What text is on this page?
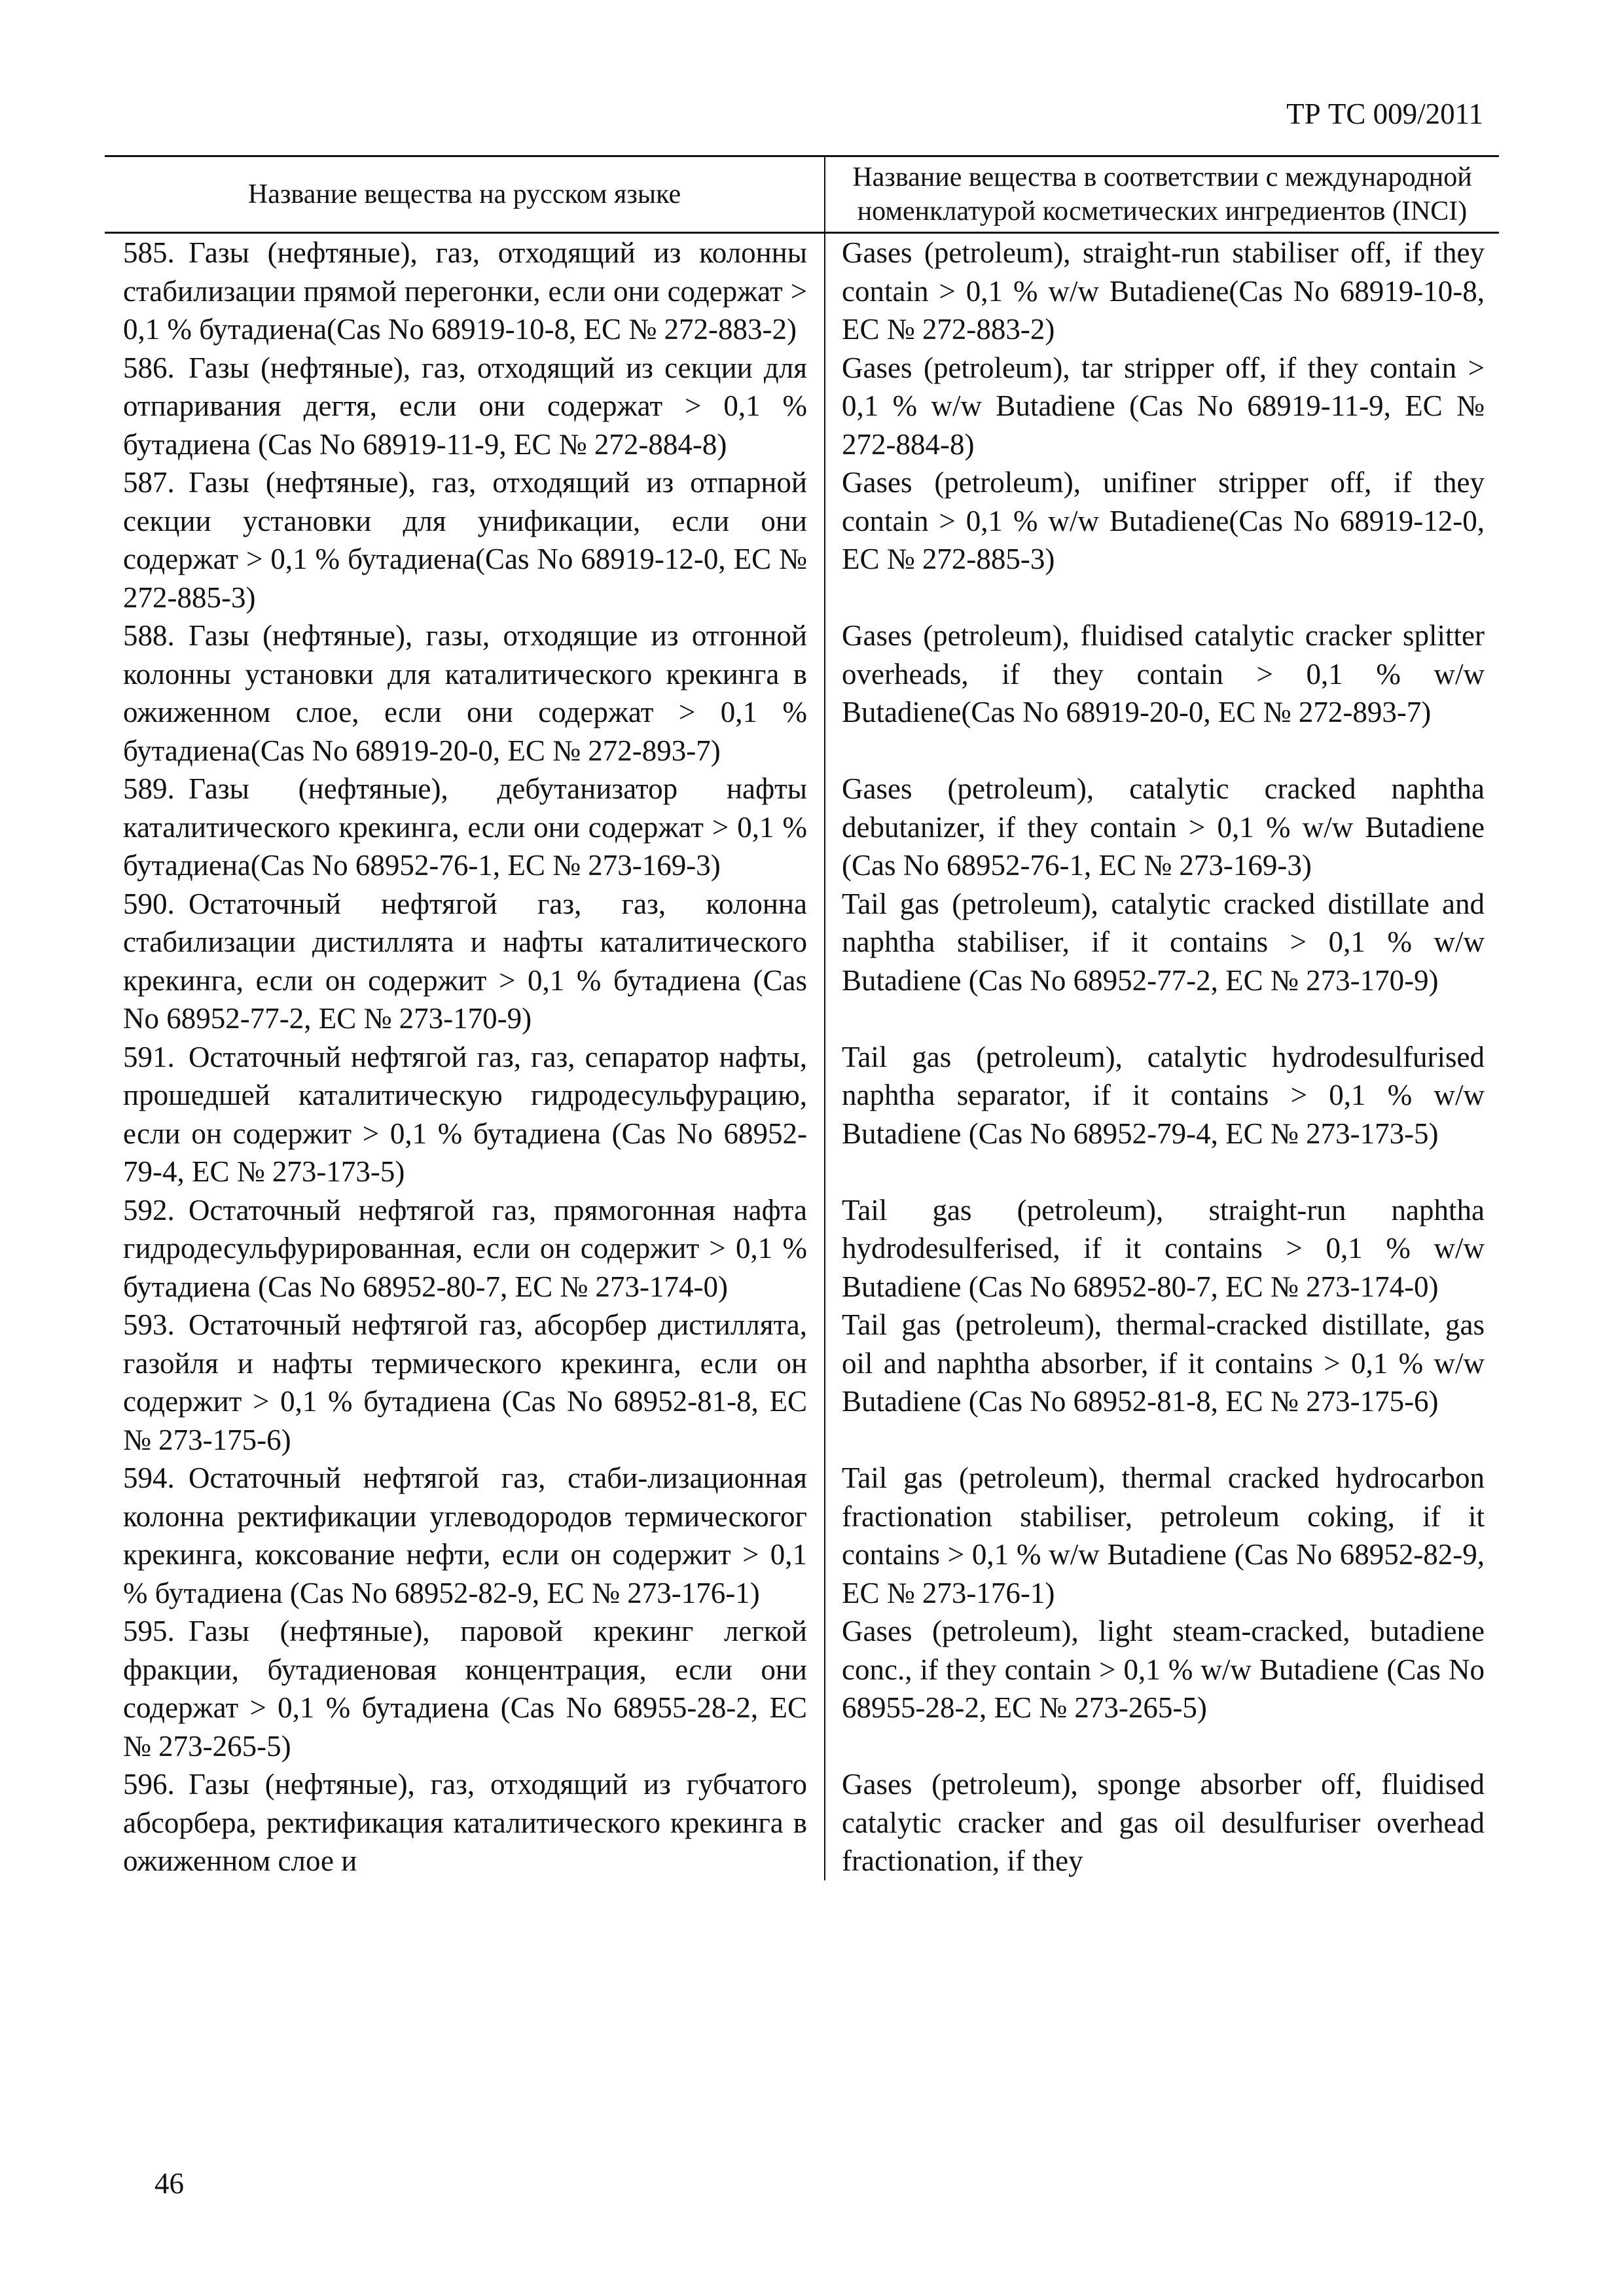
ТР ТС 009/2011
Название вещества на русском языке	Название вещества в соответствии с международной номенклатурой косметических ингредиентов (INCI)
585. Газы (нефтяные), газ, отходящий из колонны стабилизации прямой перегонки, если они содержат > 0,1 % бутадиена(Cas No 68919-10-8, ЕС № 272-883-2)	Gases (petroleum), straight-run stabiliser off, if they contain > 0,1 % w/w Butadiene(Cas No 68919-10-8, ЕС № 272-883-2)
586. Газы (нефтяные), газ, отходящий из секции для отпаривания дегтя, если они содержат > 0,1 % бутадиена (Cas No 68919-11-9, ЕС № 272-884-8)	Gases (petroleum), tar stripper off, if they contain > 0,1 % w/w Butadiene (Cas No 68919-11-9, ЕС № 272-884-8)
587. Газы (нефтяные), газ, отходящий из отпарной секции установки для унификации, если они содержат > 0,1 % бутадиена(Cas No 68919-12-0, ЕС № 272-885-3)	Gases (petroleum), unifiner stripper off, if they contain > 0,1 % w/w Butadiene(Cas No 68919-12-0, ЕС № 272-885-3)
588. Газы (нефтяные), газы, отходящие из отгонной колонны установки для каталитического крекинга в ожиженном слое, если они содержат > 0,1 % бутадиена(Cas No 68919-20-0, ЕС № 272-893-7)	Gases (petroleum), fluidised catalytic cracker splitter overheads, if they contain > 0,1 % w/w Butadiene(Cas No 68919-20-0, ЕС № 272-893-7)
589. Газы (нефтяные), дебутанизатор нафты каталитического крекинга, если они содержат > 0,1 % бутадиена(Cas No 68952-76-1, ЕС № 273-169-3)	Gases (petroleum), catalytic cracked naphtha debutanizer, if they contain > 0,1 % w/w Butadiene (Cas No 68952-76-1, ЕС № 273-169-3)
590. Остаточный нефтягой газ, газ, колонна стабилизации дистиллята и нафты каталитического крекинга, если он содержит > 0,1 % бутадиена (Cas No 68952-77-2, ЕС № 273-170-9)	Tail gas (petroleum), catalytic cracked distillate and naphtha stabiliser, if it contains > 0,1 % w/w Butadiene (Cas No 68952-77-2, ЕС № 273-170-9)
591. Остаточный нефтягой газ, газ, сепаратор нафты, прошедшей каталитическую гидродесульфурацию, если он содержит > 0,1 % бутадиена (Cas No 68952-79-4, ЕС № 273-173-5)	Tail gas (petroleum), catalytic hydrodesulfurised naphtha separator, if it contains > 0,1 % w/w Butadiene (Cas No 68952-79-4, ЕС № 273-173-5)
592. Остаточный нефтягой газ, прямогонная нафта гидродесульфурированная, если он содержит > 0,1 % бутадиена (Cas No 68952-80-7, ЕС № 273-174-0)	Tail gas (petroleum), straight-run naphtha hydrodesulferised, if it contains > 0,1 % w/w Butadiene (Cas No 68952-80-7, ЕС № 273-174-0)
593. Остаточный нефтягой газ, абсорбер дистиллята, газойля и нафты термического крекинга, если он содержит > 0,1 % бутадиена (Cas No 68952-81-8, ЕС № 273-175-6)	Tail gas (petroleum), thermal-cracked distillate, gas oil and naphtha absorber, if it contains > 0,1 % w/w Butadiene (Cas No 68952-81-8, ЕС № 273-175-6)
594. Остаточный нефтягой газ, стаби-лизационная колонна ректификации углеводородов термическогог крекинга, коксование нефти, если он содержит > 0,1 % бутадиена (Cas No 68952-82-9, ЕС № 273-176-1)	Tail gas (petroleum), thermal cracked hydrocarbon fractionation stabiliser, petroleum coking, if it contains > 0,1 % w/w Butadiene (Cas No 68952-82-9, ЕС № 273-176-1)
595. Газы (нефтяные), паровой крекинг легкой фракции, бутадиеновая концентрация, если они содержат > 0,1 % бутадиена (Cas No 68955-28-2, ЕС № 273-265-5)	Gases (petroleum), light steam-cracked, butadiene conc., if they contain > 0,1 % w/w Butadiene (Cas No 68955-28-2, ЕС № 273-265-5)
596. Газы (нефтяные), газ, отходящий из губчатого абсорбера, ректификация каталитического крекинга в ожиженном слое и	Gases (petroleum), sponge absorber off, fluidised catalytic cracker and gas oil desulfuriser overhead fractionation, if they
46
